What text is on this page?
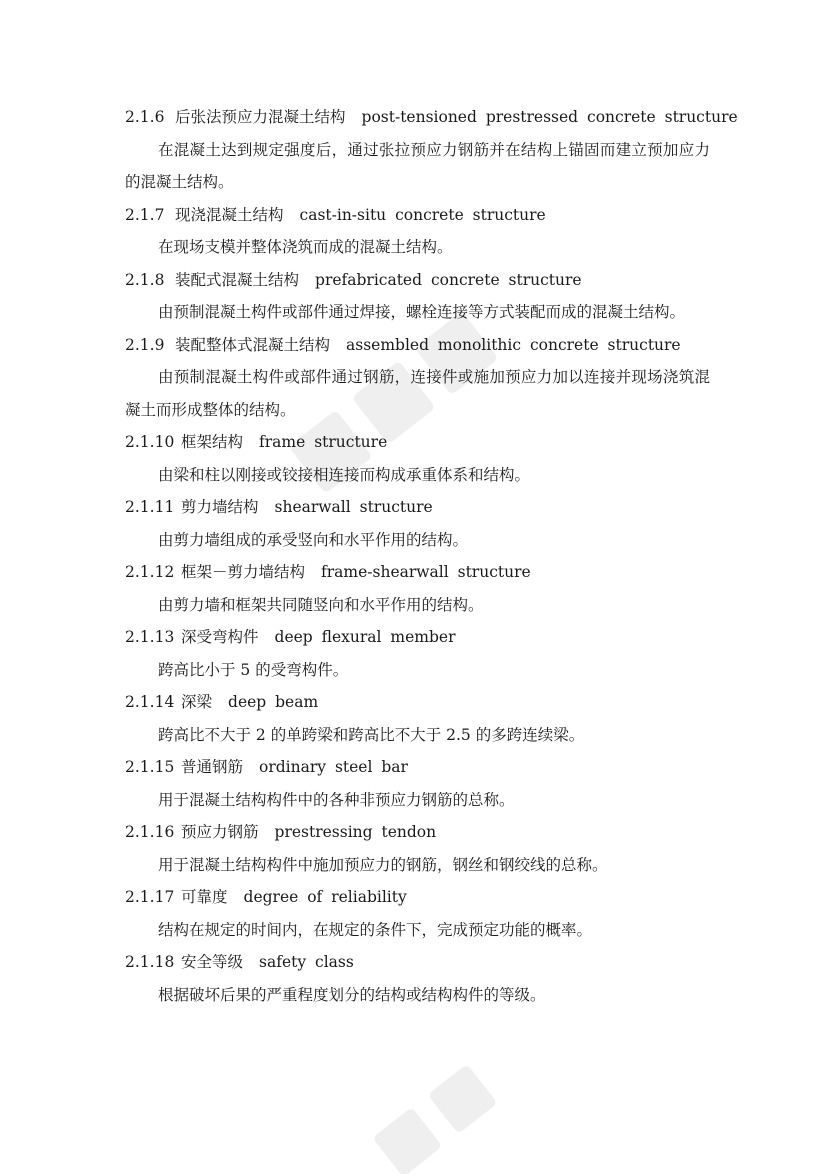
2.1.6 后张法预应力混凝土结构 post-tensioned prestressed concrete structure
在混凝土达到规定强度后，通过张拉预应力钢筋并在结构上锚固而建立预加应力的混凝土结构。
2.1.7 现浇混凝土结构 cast-in-situ concrete structure
在现场支模并整体浇筑而成的混凝土结构。
2.1.8 装配式混凝土结构 prefabricated concrete structure
由预制混凝土构件或部件通过焊接，螺栓连接等方式装配而成的混凝土结构。
2.1.9 装配整体式混凝土结构 assembled monolithic concrete structure
由预制混凝土构件或部件通过钢筋，连接件或施加预应力加以连接并现场浇筑混凝土而形成整体的结构。
2.1.10 框架结构 frame structure
由梁和柱以刚接或铰接相连接而构成承重体系和结构。
2.1.11 剪力墙结构 shearwall structure
由剪力墙组成的承受竖向和水平作用的结构。
2.1.12 框架－剪力墙结构 frame-shearwall structure
由剪力墙和框架共同随竖向和水平作用的结构。
2.1.13 深受弯构件 deep flexural member
跨高比小于 5 的受弯构件。
2.1.14 深梁 deep beam
跨高比不大于 2 的单跨梁和跨高比不大于 2.5 的多跨连续梁。
2.1.15 普通钢筋 ordinary steel bar
用于混凝土结构构件中的各种非预应力钢筋的总称。
2.1.16 预应力钢筋 prestressing tendon
用于混凝土结构构件中施加预应力的钢筋，钢丝和钢绞线的总称。
2.1.17 可靠度 degree of reliability
结构在规定的时间内，在规定的条件下，完成预定功能的概率。
2.1.18 安全等级 safety class
根据破坏后果的严重程度划分的结构或结构构件的等级。
